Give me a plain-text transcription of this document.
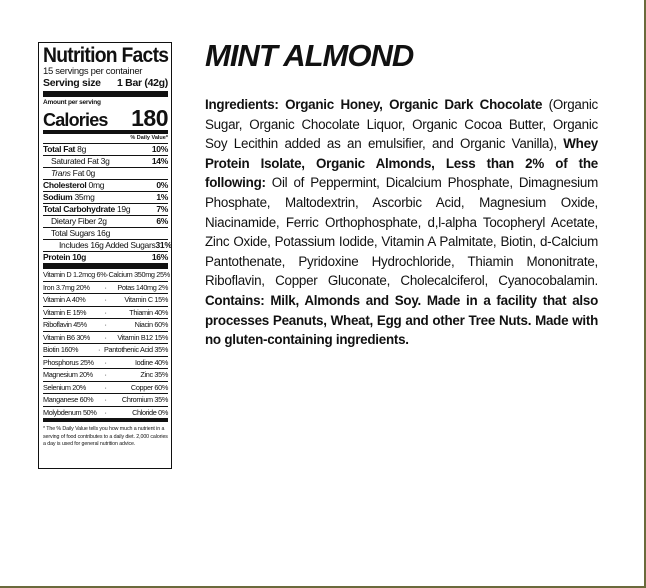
Nutrition Facts
15 servings per container
Serving size 1 Bar (42g)
Amount per serving
Calories 180
% Daily Value*
Total Fat 8g	10%
Saturated Fat 3g	14%
Trans Fat 0g
Cholesterol 0mg	0%
Sodium 35mg	1%
Total Carbohydrate 19g	7%
Dietary Fiber 2g	6%
Total Sugars 16g
Includes 16g Added Sugars 31%
Protein 10g	16%
Vitamin D 1.2mcg 6% · Calcium 350mg 25%
Iron 3.7mg 20%	·	Potas 140mg 2%
Vitamin A 40%	·	Vitamin C 15%
Vitamin E 15%	·	Thiamin 40%
Riboflavin 45%	·	Niacin 60%
Vitamin B6 30%	·	Vitamin B12 15%
Biotin 160%	· Pantothenic Acid 35%
Phosphorus 25%	·	Iodine 40%
Magnesium 20%	·	Zinc 35%
Selenium 20%	·	Copper 60%
Manganese 60%	·	Chromium 35%
Molybdenum 50%	·	Chloride 0%
* The % Daily Value tells you how much a nutrient in a serving of food contributes to a daily diet. 2,000 calories a day is used for general nutrition advice.
MINT ALMOND
Ingredients: Organic Honey, Organic Dark Chocolate (Organic Sugar, Organic Chocolate Liquor, Organic Cocoa Butter, Organic Soy Lecithin added as an emulsifier, and Organic Vanilla), Whey Protein Isolate, Organic Almonds, Less than 2% of the following: Oil of Peppermint, Dicalcium Phosphate, Dimagnesium Phosphate, Maltodextrin, Ascorbic Acid, Magnesium Oxide, Niacinamide, Ferric Orthophosphate, d,l-alpha Tocopheryl Acetate, Zinc Oxide, Potassium Iodide, Vitamin A Palmitate, Biotin, d-Calcium Pantothenate, Pyridoxine Hydrochloride, Thiamin Mononitrate, Riboflavin, Copper Gluconate, Cholecalciferol, Cyanocobalamin. Contains: Milk, Almonds and Soy. Made in a facility that also processes Peanuts, Wheat, Egg and other Tree Nuts. Made with no gluten-containing ingredients.
